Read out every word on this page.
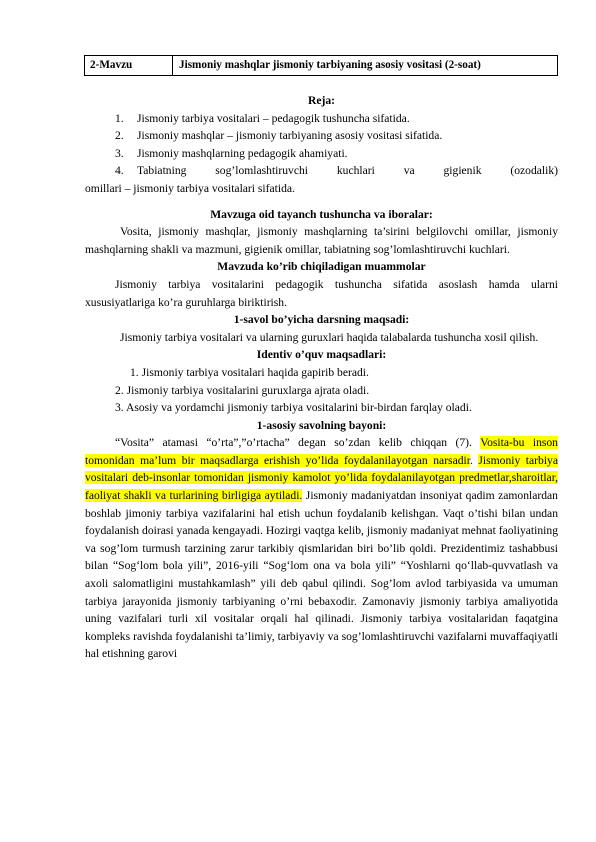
2-Mavzu	Jismoniy mashqlar jismoniy tarbiyaning asosiy vositasi (2-soat)

Reja:

1.	Jismoniy tarbiya vositalari – pedagogik tushuncha sifatida.
2.	Jismoniy mashqlar – jismoniy tarbiyaning asosiy vositasi sifatida.
3.	Jismoniy mashqlarning pedagogik ahamiyati.
4.	Tabiatning sog’lomlashtiruvchi kuchlari va gigienik (ozodalik)

omillari – jismoniy tarbiya vositalari sifatida.

Mavzuga oid tayanch tushuncha va iboralar:

Vosita, jismoniy mashqlar, jismoniy mashqlarning ta’sirini belgilovchi omillar, jismoniy mashqlarning shakli va mazmuni, gigienik omillar, tabiatning sog’lomlashtiruvchi kuchlari.

Mavzuda ko’rib chiqiladigan muammolar

Jismoniy tarbiya vositalarini pedagogik tushuncha sifatida asoslash hamda ularni xususiyatlariga ko’ra guruhlarga biriktirish.

1-savol bo’yicha darsning maqsadi:

Jismoniy tarbiya vositalari va ularning guruxlari haqida talabalarda tushuncha xosil qilish.

Identiv o’quv maqsadlari:

1. Jismoniy tarbiya vositalari haqida gapirib beradi.

2. Jismoniy tarbiya vositalarini guruxlarga ajrata oladi.

3. Asosiy va yordamchi jismoniy tarbiya vositalarini bir-birdan farqlay oladi.

1-asosiy savolning bayoni:

“Vosita” atamasi “o’rta”,”o’rtacha” degan so’zdan kelib chiqqan (7). Vosita-bu inson tomonidan ma’lum bir maqsadlarga erishish yo’lida foydalanilayotgan narsadir. Jismoniy tarbiya vositalari deb-insonlar tomonidan jismoniy kamolot yo’lida foydalanilayotgan predmetlar,sharoitlar, faoliyat shakli va turlarining birligiga aytiladi. Jismoniy madaniyatdan insoniyat qadim zamonlardan boshlab jimoniy tarbiya vazifalarini hal etish uchun foydalanib kelishgan. Vaqt o’tishi bilan undan foydalanish doirasi yanada kengayadi. Hozirgi vaqtga kelib, jismoniy madaniyat mehnat faoliyatining va sog’lom turmush tarzining zarur tarkibiy qismlaridan biri bo’lib qoldi. Prezidentimiz tashabbusi bilan “Sog‘lom bola yili”, 2016-yili “Sog‘lom ona va bola yili” “Yoshlarni qo‘llab-quvvatlash va axoli salomatligini mustahkamlash” yili deb qabul qilindi. Sog’lom avlod tarbiyasida va umuman tarbiya jarayonida jismoniy tarbiyaning o’rni bebaxodir. Zamonaviy jismoniy tarbiya amaliyotida uning vazifalari turli xil vositalar orqali hal qilinadi. Jismoniy tarbiya vositalaridan faqatgina kompleks ravishda foydalanishi ta’limiy, tarbiyaviy va sog’lomlashtiruvchi vazifalarni muvaffaqiyatli hal etishning garovi
